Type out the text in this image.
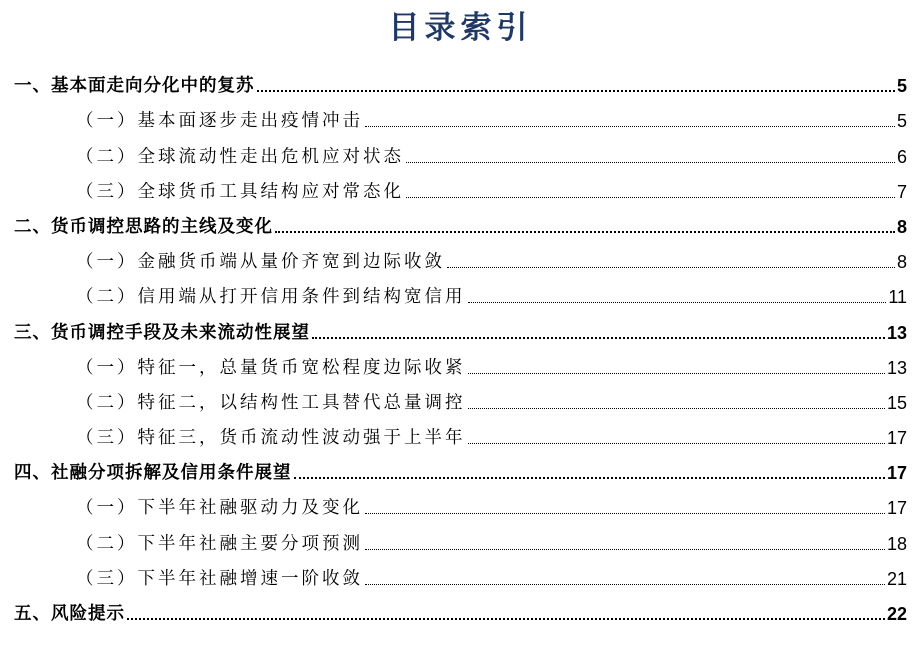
目录索引
一、基本面走向分化中的复苏	5
（一）基本面逐步走出疫情冲击	5
（二）全球流动性走出危机应对状态	6
（三）全球货币工具结构应对常态化	7
二、货币调控思路的主线及变化	8
（一）金融货币端从量价齐宽到边际收敛	8
（二）信用端从打开信用条件到结构宽信用	11
三、货币调控手段及未来流动性展望	13
（一）特征一，总量货币宽松程度边际收紧	13
（二）特征二，以结构性工具替代总量调控	15
（三）特征三，货币流动性波动强于上半年	17
四、社融分项拆解及信用条件展望	17
（一）下半年社融驱动力及变化	17
（二）下半年社融主要分项预测	18
（三）下半年社融增速一阶收敛	21
五、风险提示	22
